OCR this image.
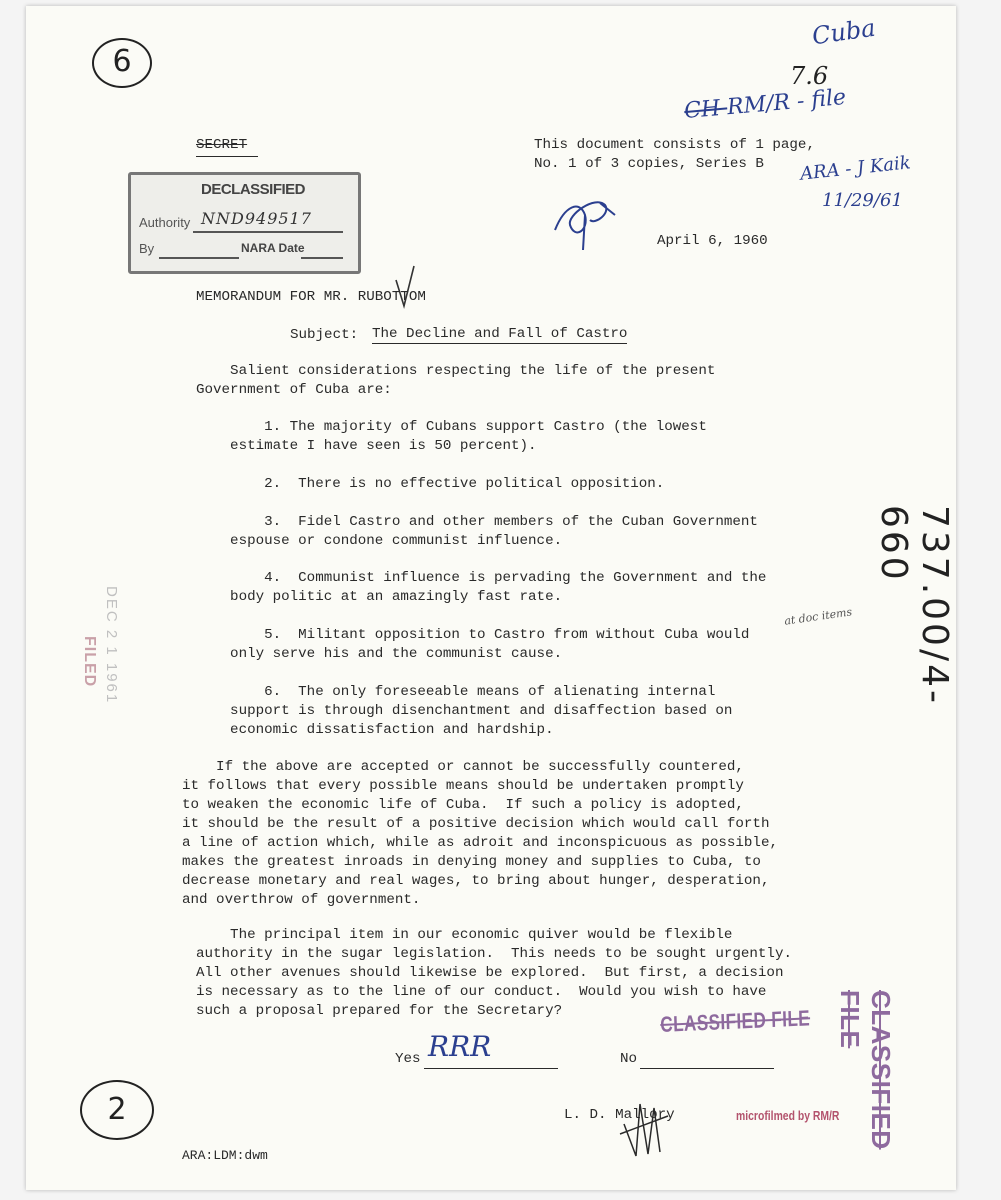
6
2
Cuba
7.6
CH RM/R - file
ARA - J Kaik
11/29/61
SECRET	This document consists of 1 page,
No. 1 of 3 copies, Series B
April 6, 1960
DECLASSIFIED
Authority NND949517
By	NARA Date
MEMORANDUM FOR MR. RUBOTTOM
Subject: The Decline and Fall of Castro
Salient considerations respecting the life of the present
Government of Cuba are:
1. The majority of Cubans support Castro (the lowest
estimate I have seen is 50 percent).
2.  There is no effective political opposition.
3.  Fidel Castro and other members of the Cuban Government
espouse or condone communist influence.
4.  Communist influence is pervading the Government and the
body politic at an amazingly fast rate.
5.  Militant opposition to Castro from without Cuba would
only serve his and the communist cause.
at doc items
6.  The only foreseeable means of alienating internal
support is through disenchantment and disaffection based on
economic dissatisfaction and hardship.
If the above are accepted or cannot be successfully countered,
it follows that every possible means should be undertaken promptly
to weaken the economic life of Cuba.  If such a policy is adopted,
it should be the result of a positive decision which would call forth
a line of action which, while as adroit and inconspicuous as possible,
makes the greatest inroads in denying money and supplies to Cuba, to
decrease monetary and real wages, to bring about hunger, desperation,
and overthrow of government.
The principal item in our economic quiver would be flexible
authority in the sugar legislation.  This needs to be sought urgently.
All other avenues should likewise be explored.  But first, a decision
is necessary as to the line of our conduct.  Would you wish to have
such a proposal prepared for the Secretary?
Yes RRR	No
L. D. Mallory
ARA:LDM:dwm
DEC 2 1 1961
FILED	737.00/4-660
CLASSIFIED FILE	CLASSIFIED FILE
microfilmed by RM/R
